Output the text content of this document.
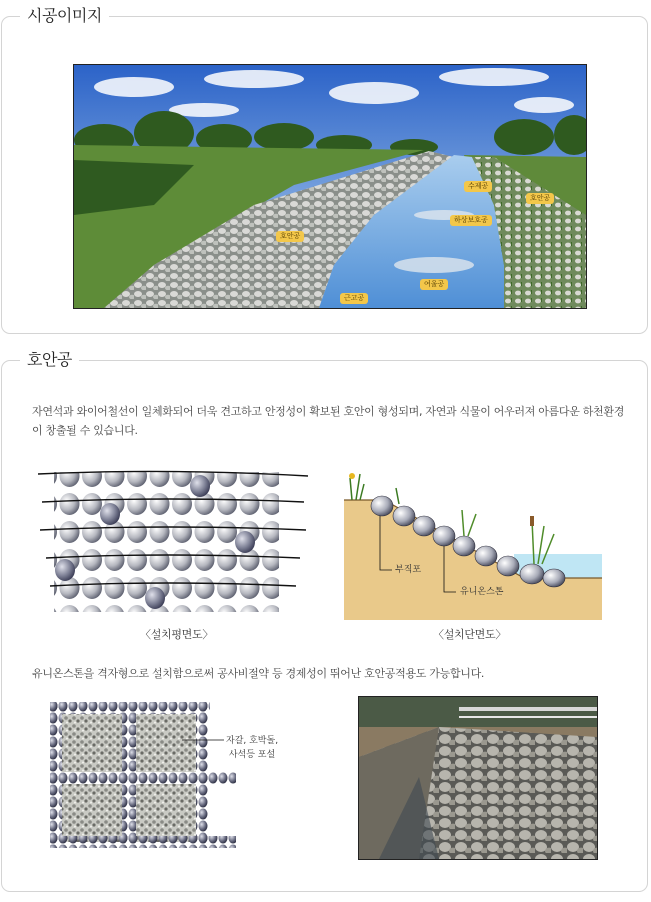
시공이미지
수제공
호안공
하상보호공
호안공
여울공
근고공
호안공
자연석과 와이어철선이 일체화되어 더욱 견고하고 안정성이 확보된 호안이 형성되며, 자연과 식물이 어우러져 아름다운 하천환경이 창출될 수 있습니다.
〈설치평면도〉
부직포
유니온스톤
〈설치단면도〉
유니온스톤을 격자형으로 설치함으로써 공사비절약 등 경제성이 뛰어난 호안공적용도 가능합니다.
자갈, 호박돌,
사석등 포설
